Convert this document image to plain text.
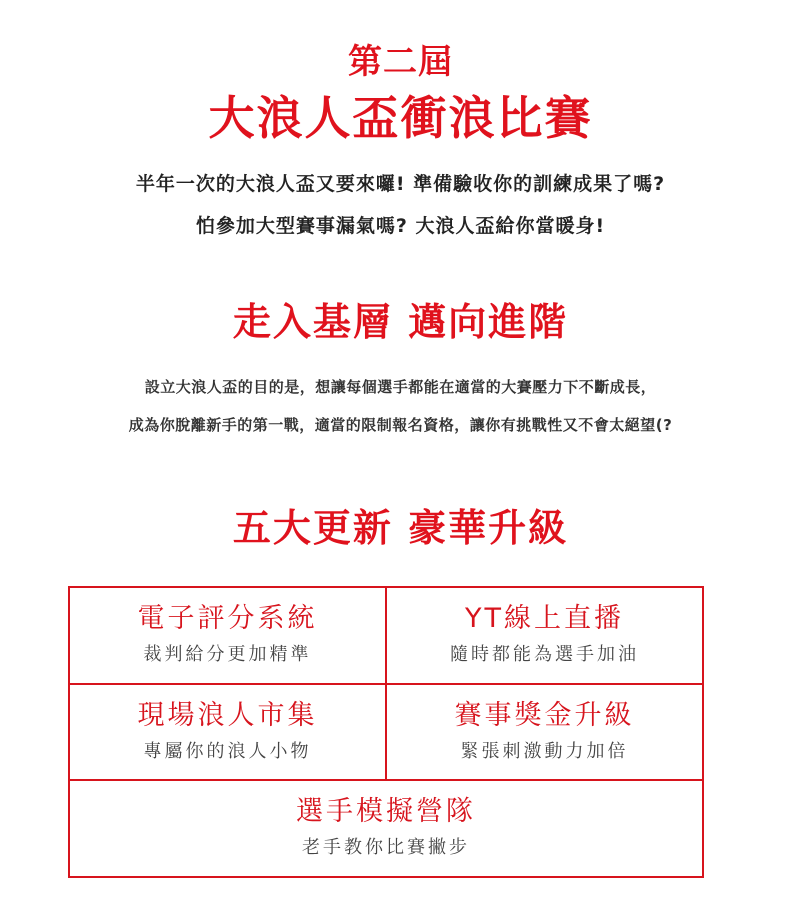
第二屆
大浪人盃衝浪比賽
半年一次的大浪人盃又要來囉! 準備驗收你的訓練成果了嗎?
怕參加大型賽事漏氣嗎? 大浪人盃給你當暖身!
走入基層 邁向進階
設立大浪人盃的目的是，想讓每個選手都能在適當的大賽壓力下不斷成長，
成為你脫離新手的第一戰，適當的限制報名資格，讓你有挑戰性又不會太絕望(?
五大更新 豪華升級
電子評分系統
裁判給分更加精準
YT線上直播
隨時都能為選手加油
現場浪人市集
專屬你的浪人小物
賽事獎金升級
緊張刺激動力加倍
選手模擬營隊
老手教你比賽撇步
